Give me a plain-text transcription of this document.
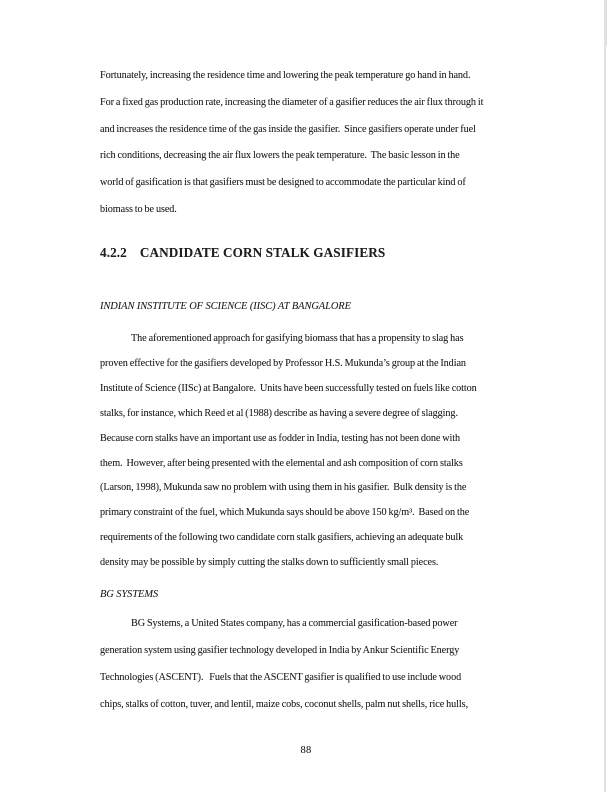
Fortunately, increasing the residence time and lowering the peak temperature go hand in hand.
For a fixed gas production rate, increasing the diameter of a gasifier reduces the air flux through it
and increases the residence time of the gas inside the gasifier.  Since gasifiers operate under fuel
rich conditions, decreasing the air flux lowers the peak temperature.  The basic lesson in the
world of gasification is that gasifiers must be designed to accommodate the particular kind of
biomass to be used.
4.2.2 CANDIDATE CORN STALK GASIFIERS
INDIAN INSTITUTE OF SCIENCE (IISC) AT BANGALORE
The aforementioned approach for gasifying biomass that has a propensity to slag has
proven effective for the gasifiers developed by Professor H.S. Mukunda’s group at the Indian
Institute of Science (IISc) at Bangalore.  Units have been successfully tested on fuels like cotton
stalks, for instance, which Reed et al (1988) describe as having a severe degree of slagging.
Because corn stalks have an important use as fodder in India, testing has not been done with
them.  However, after being presented with the elemental and ash composition of corn stalks
(Larson, 1998), Mukunda saw no problem with using them in his gasifier.  Bulk density is the
primary constraint of the fuel, which Mukunda says should be above 150 kg/m³.  Based on the
requirements of the following two candidate corn stalk gasifiers, achieving an adequate bulk
density may be possible by simply cutting the stalks down to sufficiently small pieces.
BG SYSTEMS
BG Systems, a United States company, has a commercial gasification-based power
generation system using gasifier technology developed in India by Ankur Scientific Energy
Technologies (ASCENT).   Fuels that the ASCENT gasifier is qualified to use include wood
chips, stalks of cotton, tuver, and lentil, maize cobs, coconut shells, palm nut shells, rice hulls,
88
